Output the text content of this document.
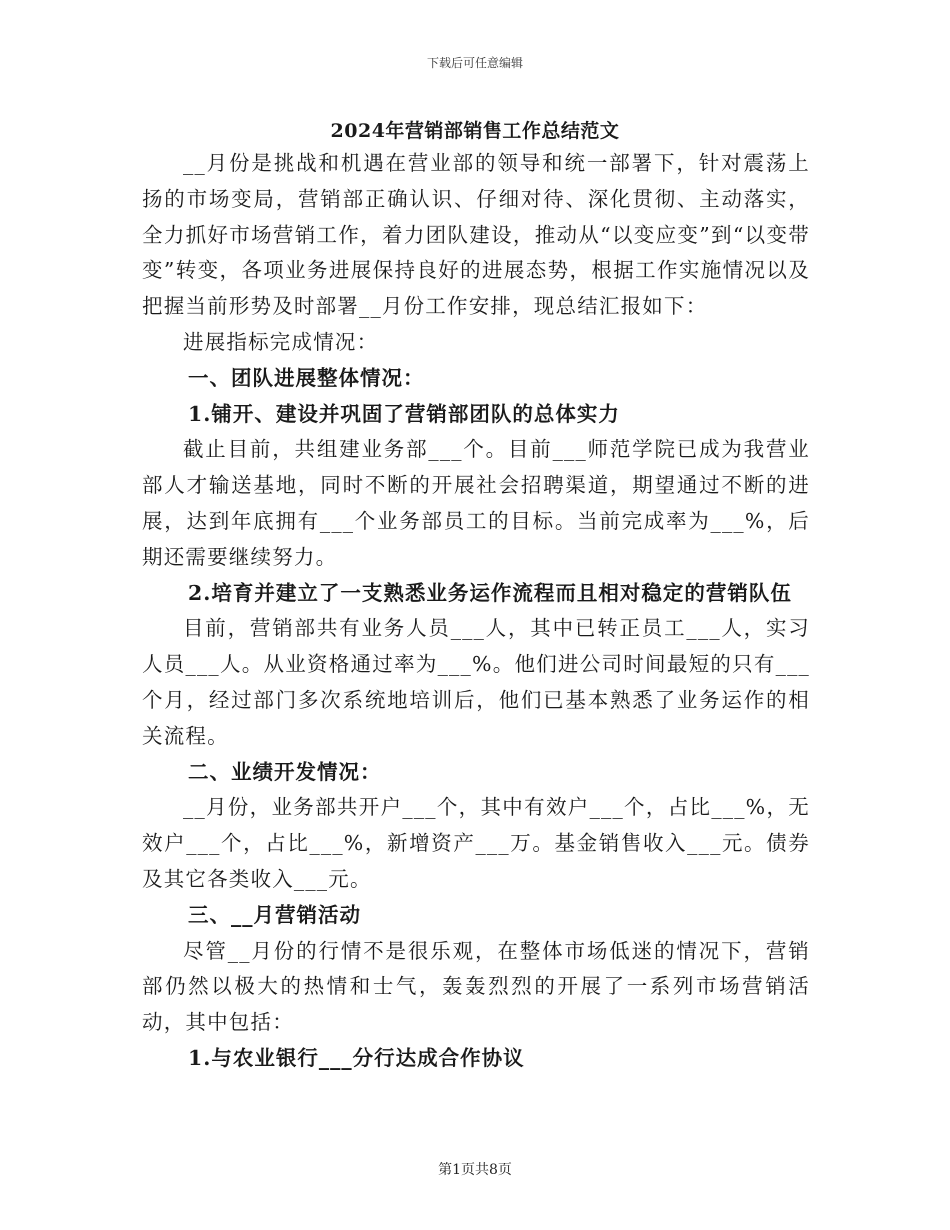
下载后可任意编辑
2024年营销部销售工作总结范文

__月份是挑战和机遇在营业部的领导和统一部署下，针对震荡上扬的市场变局，营销部正确认识、仔细对待、深化贯彻、主动落实，全力抓好市场营销工作，着力团队建设，推动从“以变应变”到“以变带变”转变，各项业务进展保持良好的进展态势，根据工作实施情况以及把握当前形势及时部署__月份工作安排，现总结汇报如下：

进展指标完成情况：

一、团队进展整体情况：

1.铺开、建设并巩固了营销部团队的总体实力

截止目前，共组建业务部___个。目前___师范学院已成为我营业部人才输送基地，同时不断的开展社会招聘渠道，期望通过不断的进展，达到年底拥有___个业务部员工的目标。当前完成率为___%，后期还需要继续努力。

2.培育并建立了一支熟悉业务运作流程而且相对稳定的营销队伍

目前，营销部共有业务人员___人，其中已转正员工___人，实习人员___人。从业资格通过率为___%。他们进公司时间最短的只有___个月，经过部门多次系统地培训后，他们已基本熟悉了业务运作的相关流程。

二、业绩开发情况：

__月份，业务部共开户___个，其中有效户___个，占比___%，无效户___个，占比___%，新增资产___万。基金销售收入___元。债券及其它各类收入___元。

三、__月营销活动

尽管__月份的行情不是很乐观，在整体市场低迷的情况下，营销部仍然以极大的热情和士气，轰轰烈烈的开展了一系列市场营销活动，其中包括：

1.与农业银行___分行达成合作协议

第1页共8页
